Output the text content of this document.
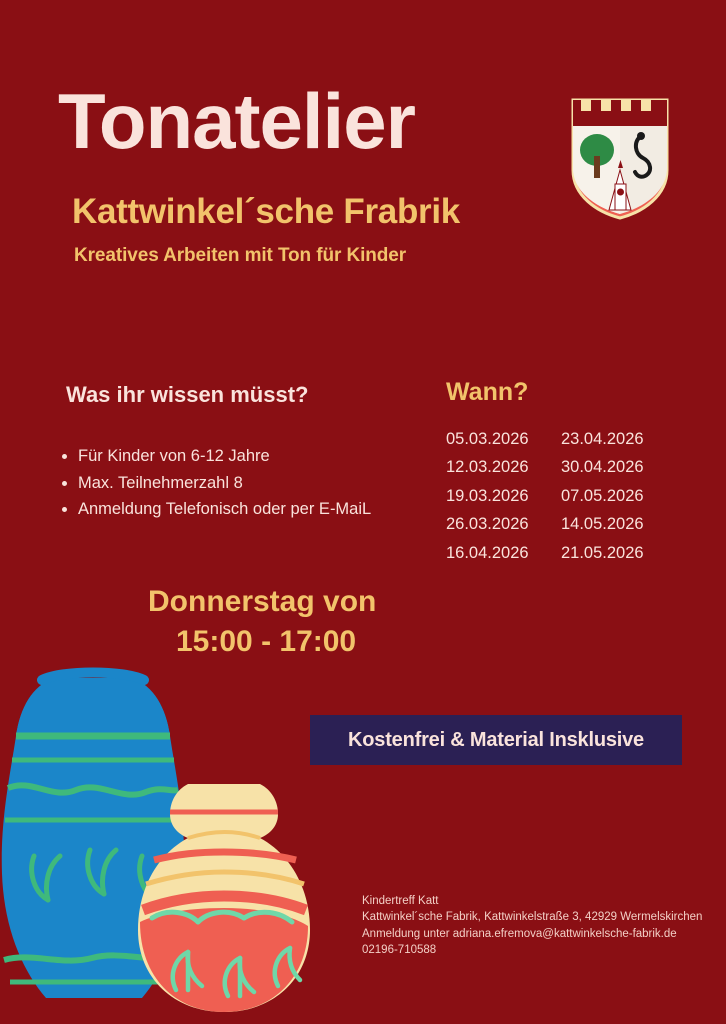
Tonatelier
Kattwinkel´sche Frabrik
Kreatives Arbeiten mit Ton für Kinder
Was ihr wissen müsst?
Für Kinder von 6-12 Jahre
Max. Teilnehmerzahl 8
Anmeldung Telefonisch oder per E-MaiL
Wann?
05.03.2026	23.04.2026
12.03.2026	30.04.2026
19.03.2026	07.05.2026
26.03.2026	14.05.2026
16.04.2026	21.05.2026
Donnerstag von
15:00 - 17:00
Kostenfrei & Material Insklusive
Kindertreff Katt
Kattwinkel´sche Fabrik, Kattwinkelstraße 3, 42929 Wermelskirchen
Anmeldung unter adriana.efremova@kattwinkelsche-fabrik.de
02196-710588
